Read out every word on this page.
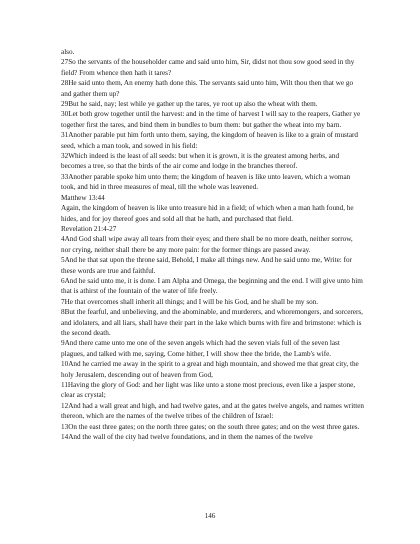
also.

27So the servants of the householder came and said unto him, Sir, didst not thou sow good seed in thy field? From whence then hath it tares?

28He said unto them, An enemy hath done this. The servants said unto him, Wilt thou then that we go and gather them up?

29But he said, nay; lest while ye gather up the tares, ye root up also the wheat with them.

30Let both grow together until the harvest: and in the time of harvest I will say to the reapers, Gather ye together first the tares, and bind them in bundles to burn them: but gather the wheat into my barn.

31Another parable put him forth unto them, saying, the kingdom of heaven is like to a grain of mustard seed, which a man took, and sowed in his field:

32Which indeed is the least of all seeds: but when it is grown, it is the greatest among herbs, and becomes a tree, so that the birds of the air come and lodge in the branches thereof.

33Another parable spoke him unto them; the kingdom of heaven is like unto leaven, which a woman took, and hid in three measures of meal, till the whole was leavened.

Matthew 13:44

Again, the kingdom of heaven is like unto treasure hid in a field; of which when a man hath found, he hides, and for joy thereof goes and sold all that he hath, and purchased that field.

Revelation 21:4-27

4And God shall wipe away all tears from their eyes; and there shall be no more death, neither sorrow, nor crying, neither shall there be any more pain: for the former things are passed away.

5And he that sat upon the throne said, Behold, I make all things new. And he said unto me, Write: for these words are true and faithful.

6And he said unto me, it is done. I am Alpha and Omega, the beginning and the end. I will give unto him that is athirst of the fountain of the water of life freely.

7He that overcomes shall inherit all things; and I will be his God, and he shall be my son.

8But the fearful, and unbelieving, and the abominable, and murderers, and whoremongers, and sorcerers, and idolaters, and all liars, shall have their part in the lake which burns with fire and brimstone: which is the second death.

9And there came unto me one of the seven angels which had the seven vials full of the seven last plagues, and talked with me, saying, Come hither, I will show thee the bride, the Lamb's wife.

10And he carried me away in the spirit to a great and high mountain, and showed me that great city, the holy Jerusalem, descending out of heaven from God,

11Having the glory of God: and her light was like unto a stone most precious, even like a jasper stone, clear as crystal;

12And had a wall great and high, and had twelve gates, and at the gates twelve angels, and names written thereon, which are the names of the twelve tribes of the children of Israel:

13On the east three gates; on the north three gates; on the south three gates; and on the west three gates.

14And the wall of the city had twelve foundations, and in them the names of the twelve

146
